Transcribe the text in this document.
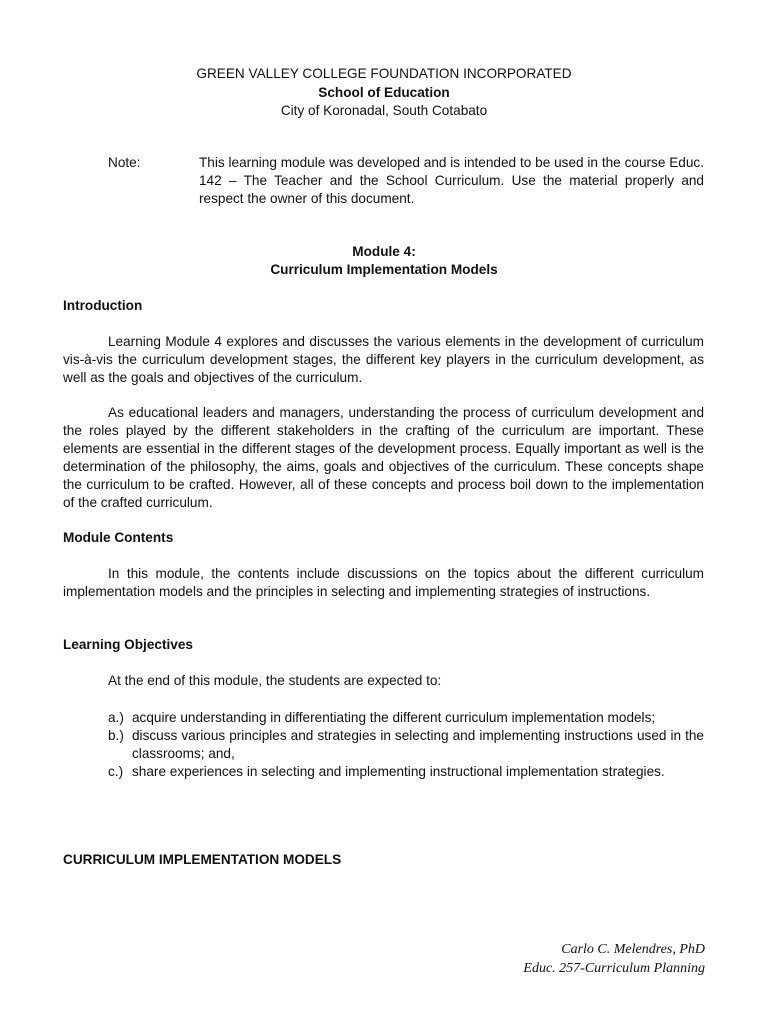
GREEN VALLEY COLLEGE FOUNDATION INCORPORATED
School of Education
City of Koronadal, South Cotabato
Note:	This learning module was developed and is intended to be used in the course Educ. 142 – The Teacher and the School Curriculum. Use the material properly and respect the owner of this document.
Module 4:
Curriculum Implementation Models
Introduction
Learning Module 4 explores and discusses the various elements in the development of curriculum vis-à-vis the curriculum development stages, the different key players in the curriculum development, as well as the goals and objectives of the curriculum.
As educational leaders and managers, understanding the process of curriculum development and the roles played by the different stakeholders in the crafting of the curriculum are important. These elements are essential in the different stages of the development process. Equally important as well is the determination of the philosophy, the aims, goals and objectives of the curriculum. These concepts shape the curriculum to be crafted. However, all of these concepts and process boil down to the implementation of the crafted curriculum.
Module Contents
In this module, the contents include discussions on the topics about the different curriculum implementation models and the principles in selecting and implementing strategies of instructions.
Learning Objectives
At the end of this module, the students are expected to:
a.) acquire understanding in differentiating the different curriculum implementation models;
b.) discuss various principles and strategies in selecting and implementing instructions used in the classrooms; and,
c.) share experiences in selecting and implementing instructional implementation strategies.
CURRICULUM IMPLEMENTATION MODELS
Carlo C. Melendres, PhD
Educ. 257-Curriculum Planning
